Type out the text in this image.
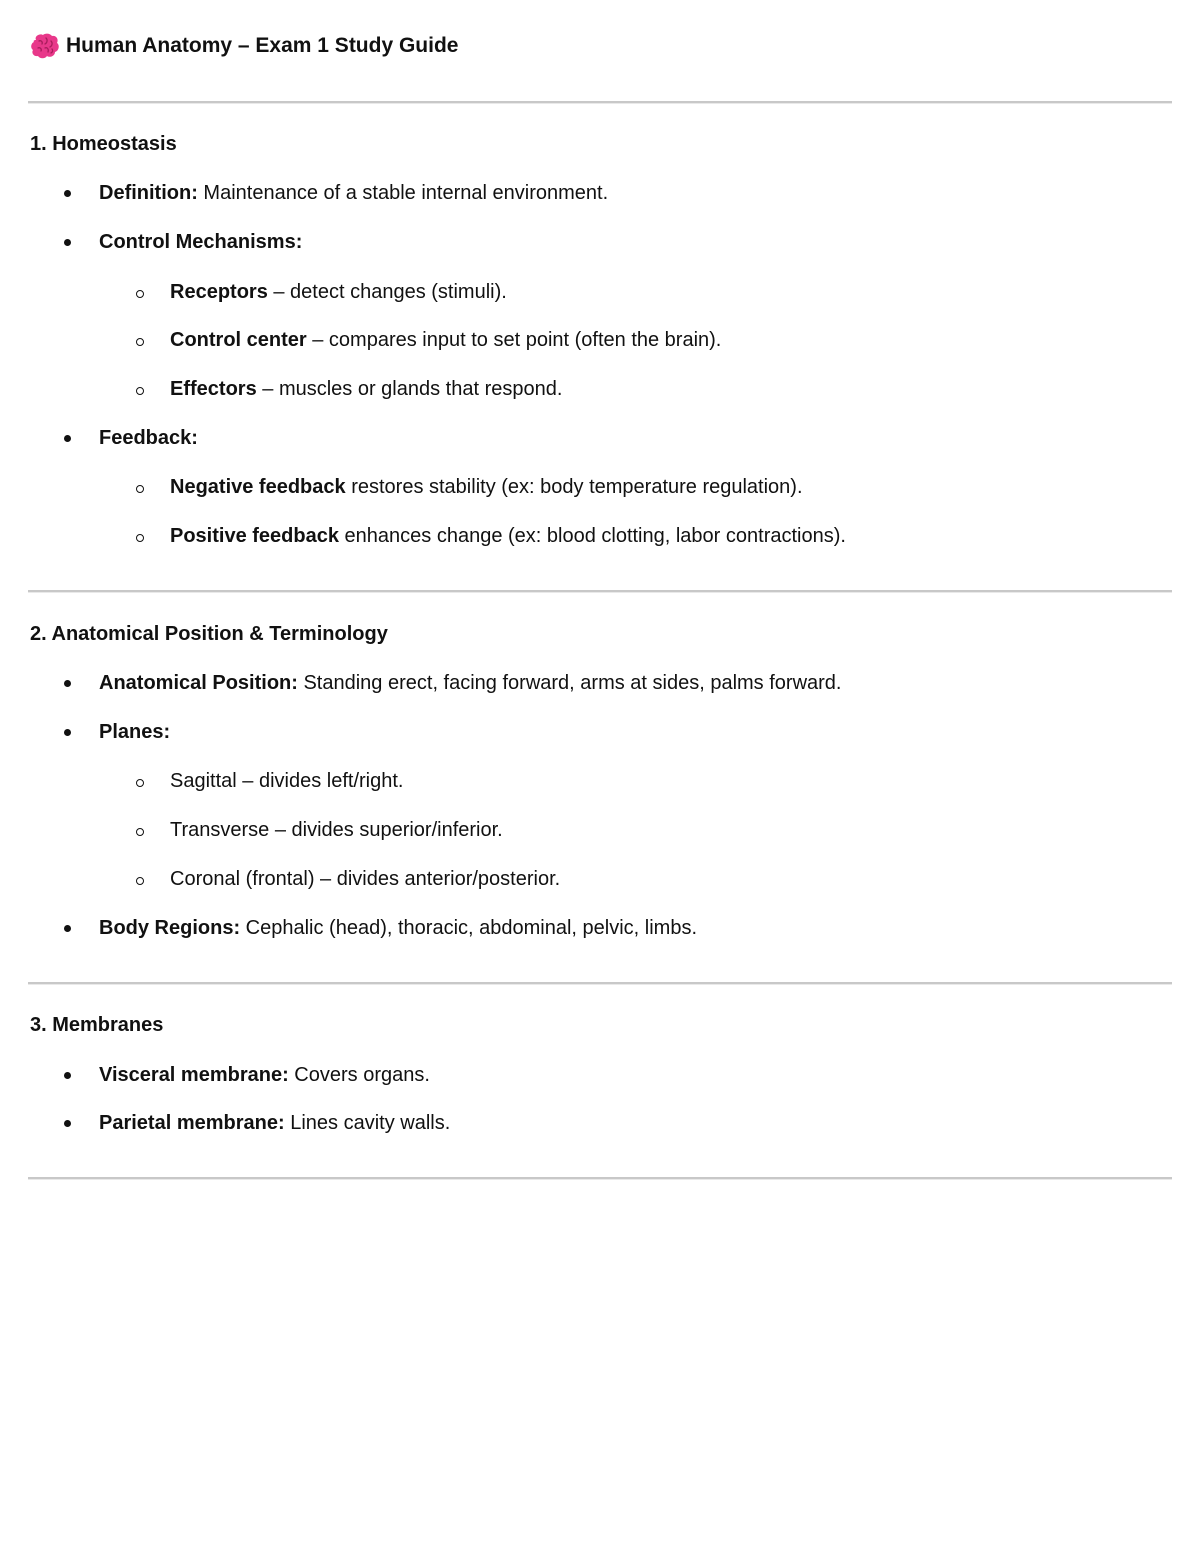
Human Anatomy – Exam 1 Study Guide
1. Homeostasis
Definition: Maintenance of a stable internal environment.
Control Mechanisms:
Receptors – detect changes (stimuli).
Control center – compares input to set point (often the brain).
Effectors – muscles or glands that respond.
Feedback:
Negative feedback restores stability (ex: body temperature regulation).
Positive feedback enhances change (ex: blood clotting, labor contractions).
2. Anatomical Position & Terminology
Anatomical Position: Standing erect, facing forward, arms at sides, palms forward.
Planes:
Sagittal – divides left/right.
Transverse – divides superior/inferior.
Coronal (frontal) – divides anterior/posterior.
Body Regions: Cephalic (head), thoracic, abdominal, pelvic, limbs.
3. Membranes
Visceral membrane: Covers organs.
Parietal membrane: Lines cavity walls.
